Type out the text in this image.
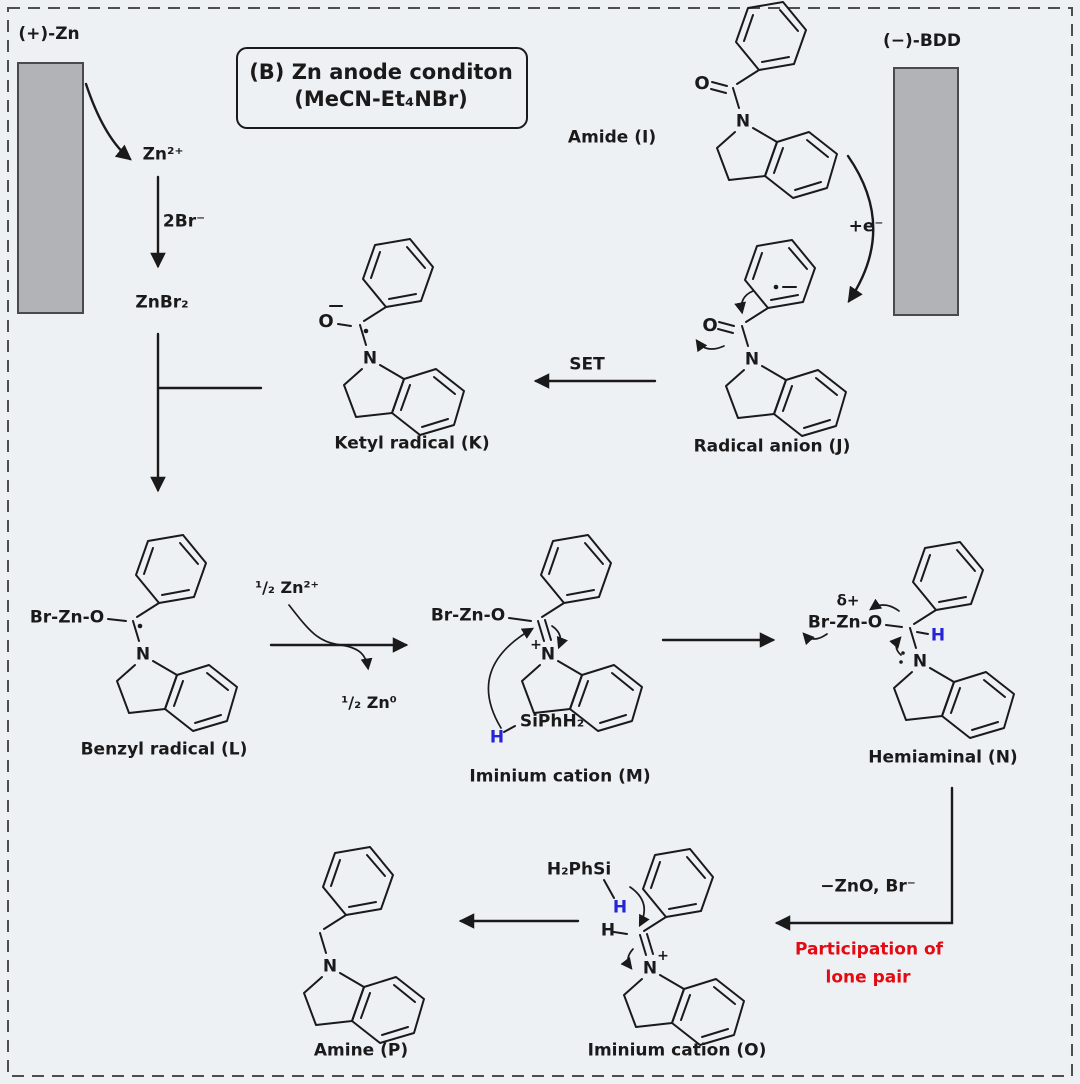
(+)-Zn	(−)-BDD
(B) Zn anode conditon
(MeCN-Et₄NBr)
Zn²⁺
2Br⁻
ZnBr₂
Amide (I)
+e⁻
SET
Ketyl radical (K)	Radical anion (J)
Benzyl radical (L)
Iminium cation (M)
Hemiaminal (N)
Iminium cation (O)
Amine (P)
¹/₂ Zn²⁺
¹/₂ Zn⁰
−ZnO, Br⁻
Participation of
lone pair
O
N
O
N
O
N
Br-Zn-O
N
Br-Zn-O
N
+
SiPhH₂
H
δ+
Br-Zn-O
H
N
H₂PhSi
H
H
N
+
N
